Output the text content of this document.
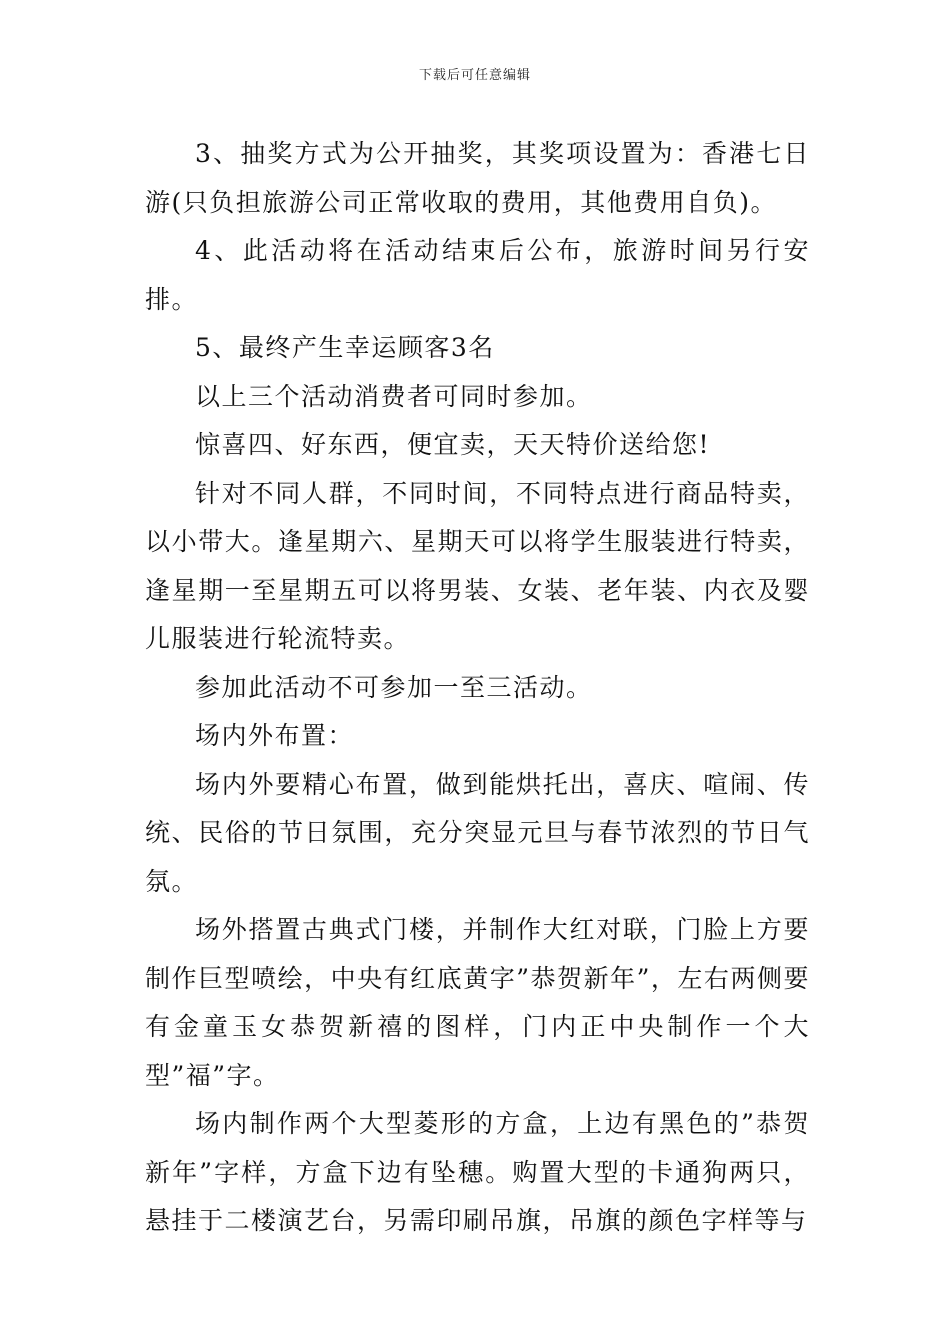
下载后可任意编辑

3、抽奖方式为公开抽奖，其奖项设置为：香港七日游(只负担旅游公司正常收取的费用，其他费用自负)。

4、此活动将在活动结束后公布，旅游时间另行安排。

5、最终产生幸运顾客3名

以上三个活动消费者可同时参加。

惊喜四、好东西，便宜卖，天天特价送给您!

针对不同人群，不同时间，不同特点进行商品特卖，以小带大。逢星期六、星期天可以将学生服装进行特卖，逢星期一至星期五可以将男装、女装、老年装、内衣及婴儿服装进行轮流特卖。

参加此活动不可参加一至三活动。

场内外布置：

场内外要精心布置，做到能烘托出，喜庆、喧闹、传统、民俗的节日氛围，充分突显元旦与春节浓烈的节日气氛。

场外搭置古典式门楼，并制作大红对联，门脸上方要制作巨型喷绘，中央有红底黄字”恭贺新年”，左右两侧要有金童玉女恭贺新禧的图样，门内正中央制作一个大型”福”字。

场内制作两个大型菱形的方盒，上边有黑色的”恭贺新年”字样，方盒下边有坠穗。购置大型的卡通狗两只，悬挂于二楼演艺台，另需印刷吊旗，吊旗的颜色字样等与
